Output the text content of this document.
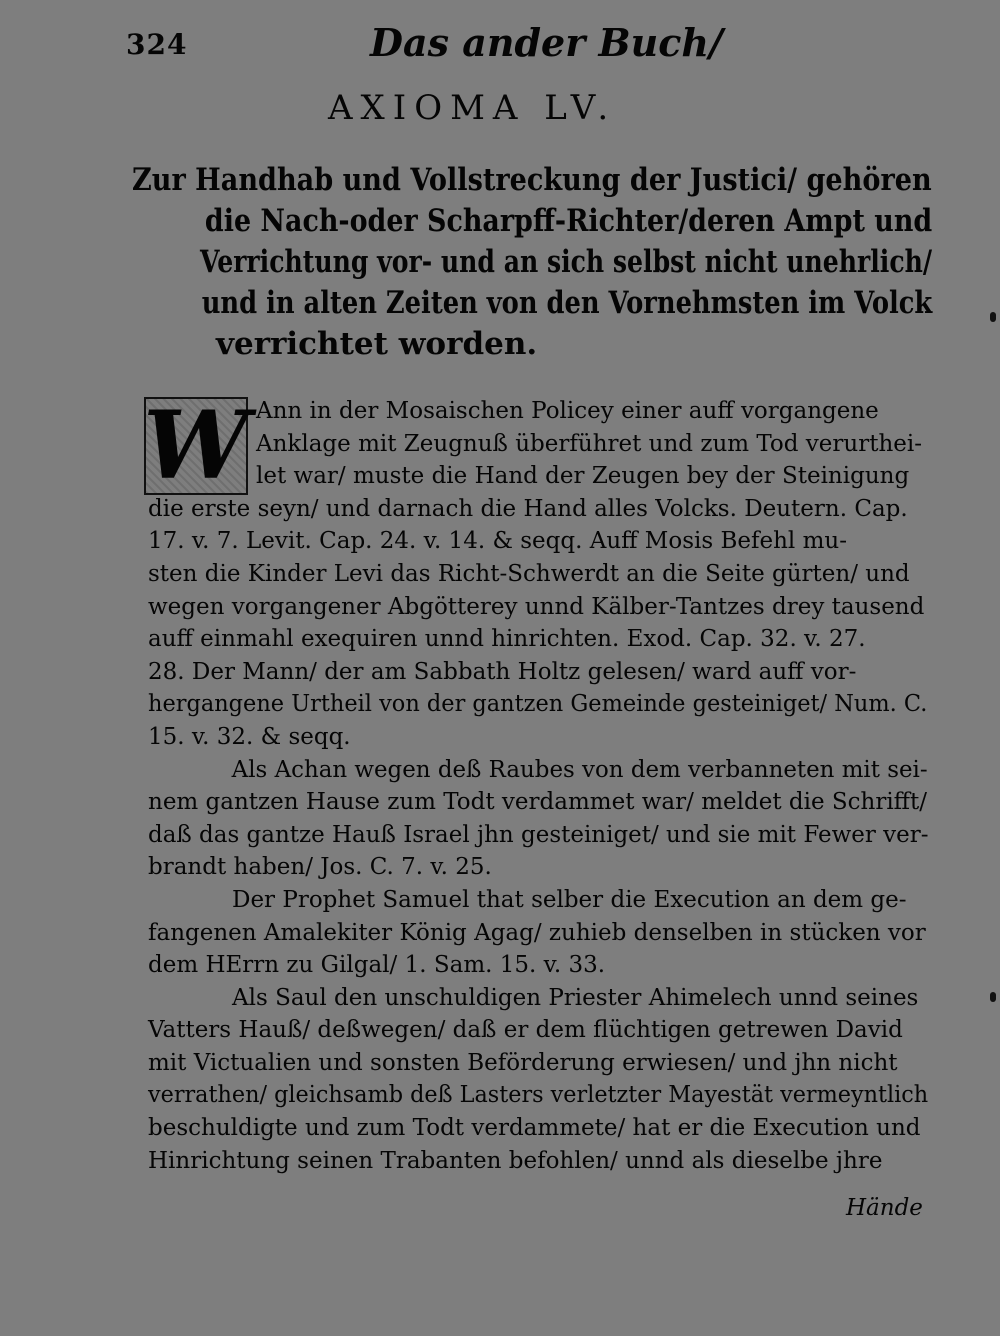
324	Das ander Buch/
AXIOMA LV.
Zur Handhab und Vollstreckung der Justici/ gehören
die Nach-oder Scharpff-Richter/deren Ampt und
Verrichtung vor- und an sich selbst nicht unehrlich/
und in alten Zeiten von den Vornehmsten im Volck
verrichtet worden.
W Ann in der Mosaischen Policey einer auff vorgangene
Anklage mit Zeugnuß überführet und zum Tod verurthei-
let war/ muste die Hand der Zeugen bey der Steinigung
die erste seyn/ und darnach die Hand alles Volcks. Deutern. Cap.
17. v. 7. Levit. Cap. 24. v. 14. & seqq. Auff Mosis Befehl mu-
sten die Kinder Levi das Richt-Schwerdt an die Seite gürten/ und
wegen vorgangener Abgötterey unnd Kälber-Tantzes drey tausend
auff einmahl exequiren unnd hinrichten. Exod. Cap. 32. v. 27.
28. Der Mann/ der am Sabbath Holtz gelesen/ ward auff vor-
hergangene Urtheil von der gantzen Gemeinde gesteiniget/ Num. C.
15. v. 32. & seqq.
Als Achan wegen deß Raubes von dem verbanneten mit sei-
nem gantzen Hause zum Todt verdammet war/ meldet die Schrifft/
daß das gantze Hauß Israel jhn gesteiniget/ und sie mit Fewer ver-
brandt haben/ Jos. C. 7. v. 25.
Der Prophet Samuel that selber die Execution an dem ge-
fangenen Amalekiter König Agag/ zuhieb denselben in stücken vor
dem HErrn zu Gilgal/ 1. Sam. 15. v. 33.
Als Saul den unschuldigen Priester Ahimelech unnd seines
Vatters Hauß/ deßwegen/ daß er dem flüchtigen getrewen David
mit Victualien und sonsten Beförderung erwiesen/ und jhn nicht
verrathen/ gleichsamb deß Lasters verletzter Mayestät vermeyntlich
beschuldigte und zum Todt verdammete/ hat er die Execution und
Hinrichtung seinen Trabanten befohlen/ unnd als dieselbe jhre
Hände
